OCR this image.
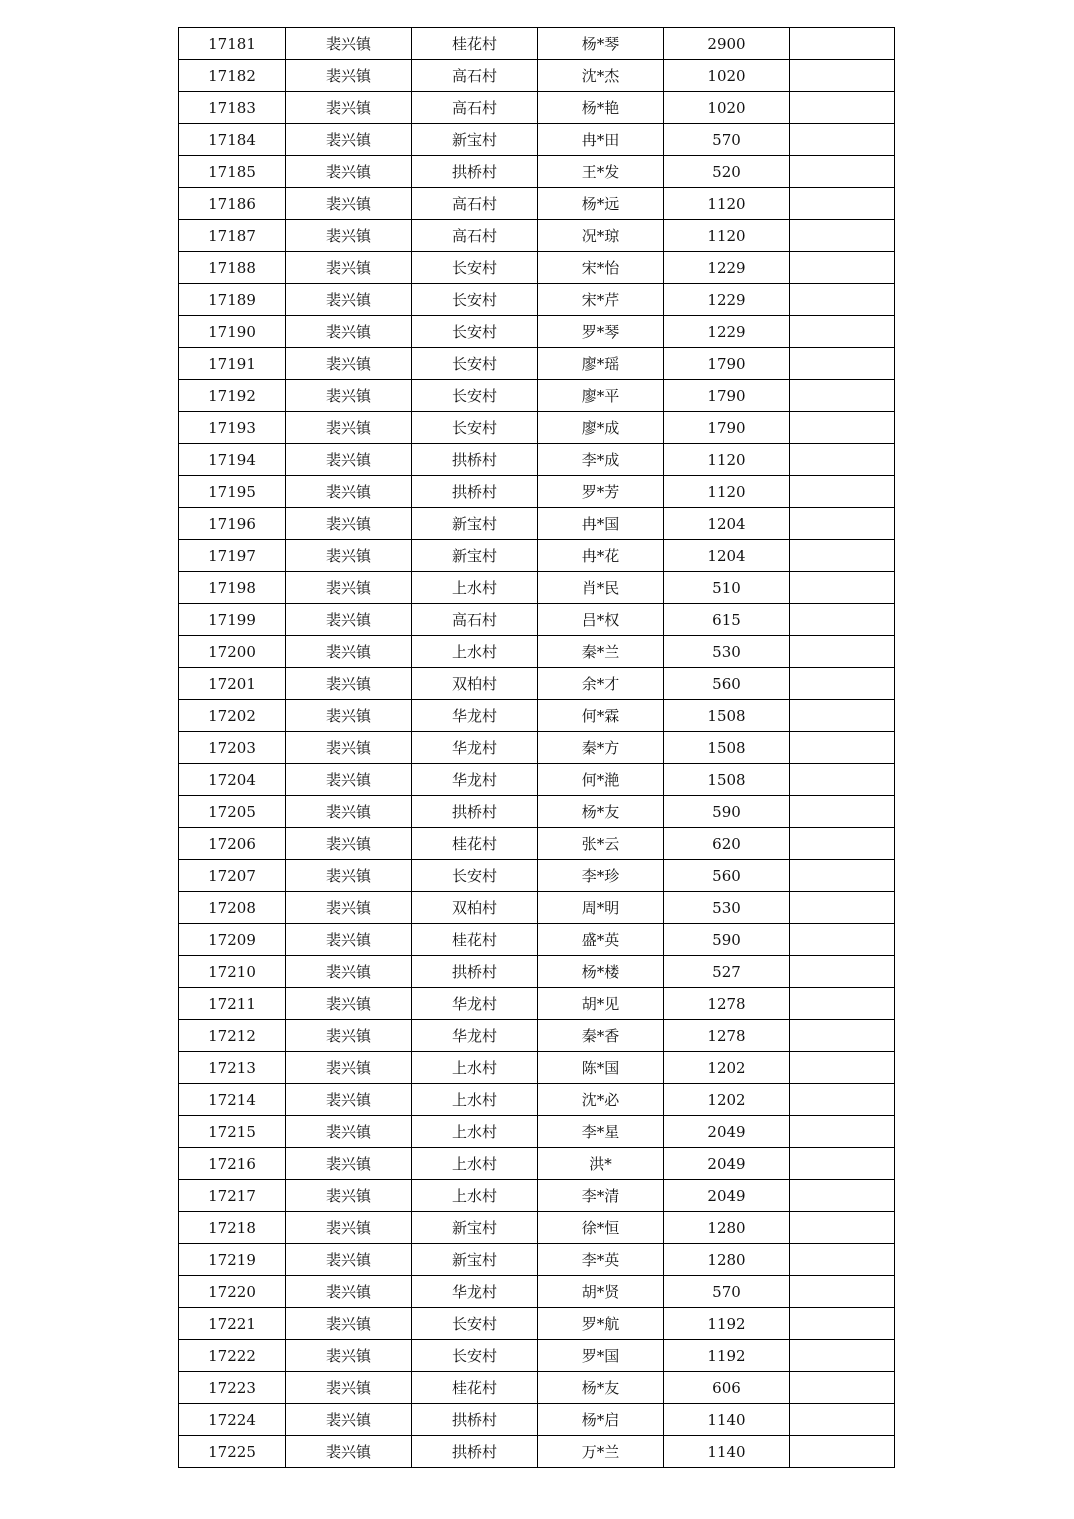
17181	裴兴镇	桂花村	杨*琴	2900	
17182	裴兴镇	高石村	沈*杰	1020	
17183	裴兴镇	高石村	杨*艳	1020	
17184	裴兴镇	新宝村	冉*田	570	
17185	裴兴镇	拱桥村	王*发	520	
17186	裴兴镇	高石村	杨*远	1120	
17187	裴兴镇	高石村	况*琼	1120	
17188	裴兴镇	长安村	宋*怡	1229	
17189	裴兴镇	长安村	宋*芹	1229	
17190	裴兴镇	长安村	罗*琴	1229	
17191	裴兴镇	长安村	廖*瑶	1790	
17192	裴兴镇	长安村	廖*平	1790	
17193	裴兴镇	长安村	廖*成	1790	
17194	裴兴镇	拱桥村	李*成	1120	
17195	裴兴镇	拱桥村	罗*芳	1120	
17196	裴兴镇	新宝村	冉*国	1204	
17197	裴兴镇	新宝村	冉*花	1204	
17198	裴兴镇	上水村	肖*民	510	
17199	裴兴镇	高石村	吕*权	615	
17200	裴兴镇	上水村	秦*兰	530	
17201	裴兴镇	双柏村	余*才	560	
17202	裴兴镇	华龙村	何*霖	1508	
17203	裴兴镇	华龙村	秦*方	1508	
17204	裴兴镇	华龙村	何*滟	1508	
17205	裴兴镇	拱桥村	杨*友	590	
17206	裴兴镇	桂花村	张*云	620	
17207	裴兴镇	长安村	李*珍	560	
17208	裴兴镇	双柏村	周*明	530	
17209	裴兴镇	桂花村	盛*英	590	
17210	裴兴镇	拱桥村	杨*楼	527	
17211	裴兴镇	华龙村	胡*见	1278	
17212	裴兴镇	华龙村	秦*香	1278	
17213	裴兴镇	上水村	陈*国	1202	
17214	裴兴镇	上水村	沈*必	1202	
17215	裴兴镇	上水村	李*星	2049	
17216	裴兴镇	上水村	洪*	2049	
17217	裴兴镇	上水村	李*清	2049	
17218	裴兴镇	新宝村	徐*恒	1280	
17219	裴兴镇	新宝村	李*英	1280	
17220	裴兴镇	华龙村	胡*贤	570	
17221	裴兴镇	长安村	罗*航	1192	
17222	裴兴镇	长安村	罗*国	1192	
17223	裴兴镇	桂花村	杨*友	606	
17224	裴兴镇	拱桥村	杨*启	1140	
17225	裴兴镇	拱桥村	万*兰	1140	
